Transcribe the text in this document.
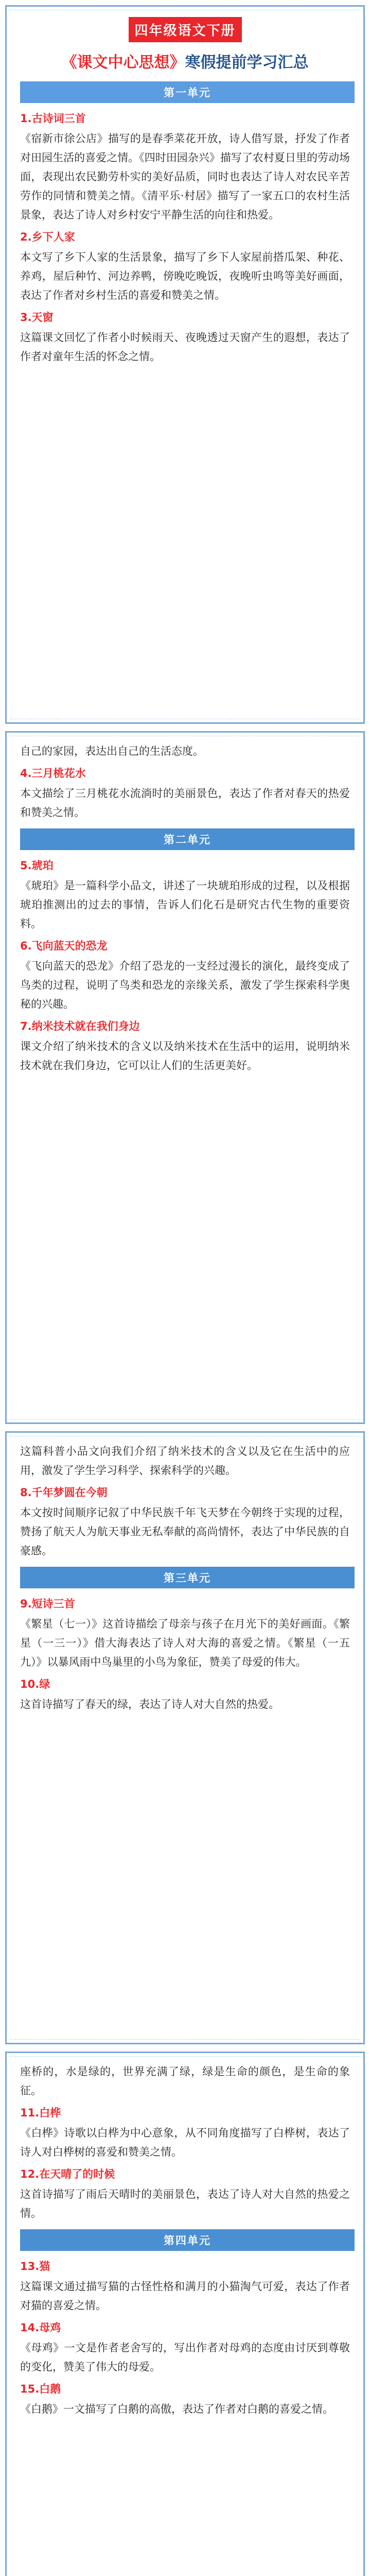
四年级语文下册
《课文中心思想》寒假提前学习汇总
第一单元
1.古诗词三首

《宿新市徐公店》描写的是春季菜花开放，诗人借写景，抒发了作者对田园生活的喜爱之情。《四时田园杂兴》描写了农村夏日里的劳动场面，表现出农民勤劳朴实的美好品质，同时也表达了诗人对农民辛苦劳作的同情和赞美之情。《清平乐·村居》描写了一家五口的农村生活景象，表达了诗人对乡村安宁平静生活的向往和热爱。

2.乡下人家

本文写了乡下人家的生活景象，描写了乡下人家屋前搭瓜架、种花、养鸡，屋后种竹、河边养鸭，傍晚吃晚饭，夜晚听虫鸣等美好画面，表达了作者对乡村生活的喜爱和赞美之情。

3.天窗

这篇课文回忆了作者小时候雨天、夜晚透过天窗产生的遐想，表达了作者对童年生活的怀念之情。

自己的家园，表达出自己的生活态度。

4.三月桃花水

本文描绘了三月桃花水流淌时的美丽景色，表达了作者对春天的热爱和赞美之情。

第二单元
5.琥珀

《琥珀》是一篇科学小品文，讲述了一块琥珀形成的过程，以及根据琥珀推测出的过去的事情，告诉人们化石是研究古代生物的重要资料。

6.飞向蓝天的恐龙

《飞向蓝天的恐龙》介绍了恐龙的一支经过漫长的演化，最终变成了鸟类的过程，说明了鸟类和恐龙的亲缘关系，激发了学生探索科学奥秘的兴趣。

7.纳米技术就在我们身边

课文介绍了纳米技术的含义以及纳米技术在生活中的运用，说明纳米技术就在我们身边，它可以让人们的生活更美好。

这篇科普小品文向我们介绍了纳米技术的含义以及它在生活中的应用，激发了学生学习科学、探索科学的兴趣。

8.千年梦圆在今朝

本文按时间顺序记叙了中华民族千年飞天梦在今朝终于实现的过程，赞扬了航天人为航天事业无私奉献的高尚情怀，表达了中华民族的自豪感。

第三单元
9.短诗三首

《繁星（七一）》这首诗描绘了母亲与孩子在月光下的美好画面。《繁星（一三一）》借大海表达了诗人对大海的喜爱之情。《繁星（一五九）》以暴风雨中鸟巢里的小鸟为象征，赞美了母爱的伟大。

10.绿

这首诗描写了春天的绿，表达了诗人对大自然的热爱。

座桥的，水是绿的，世界充满了绿，绿是生命的颜色，是生命的象征。

11.白桦

《白桦》诗歌以白桦为中心意象，从不同角度描写了白桦树，表达了诗人对白桦树的喜爱和赞美之情。

12.在天晴了的时候

这首诗描写了雨后天晴时的美丽景色，表达了诗人对大自然的热爱之情。

第四单元
13.猫

这篇课文通过描写猫的古怪性格和满月的小猫淘气可爱，表达了作者对猫的喜爱之情。

14.母鸡

《母鸡》一文是作者老舍写的，写出作者对母鸡的态度由讨厌到尊敬的变化，赞美了伟大的母爱。

15.白鹅

《白鹅》一文描写了白鹅的高傲，表达了作者对白鹅的喜爱之情。
